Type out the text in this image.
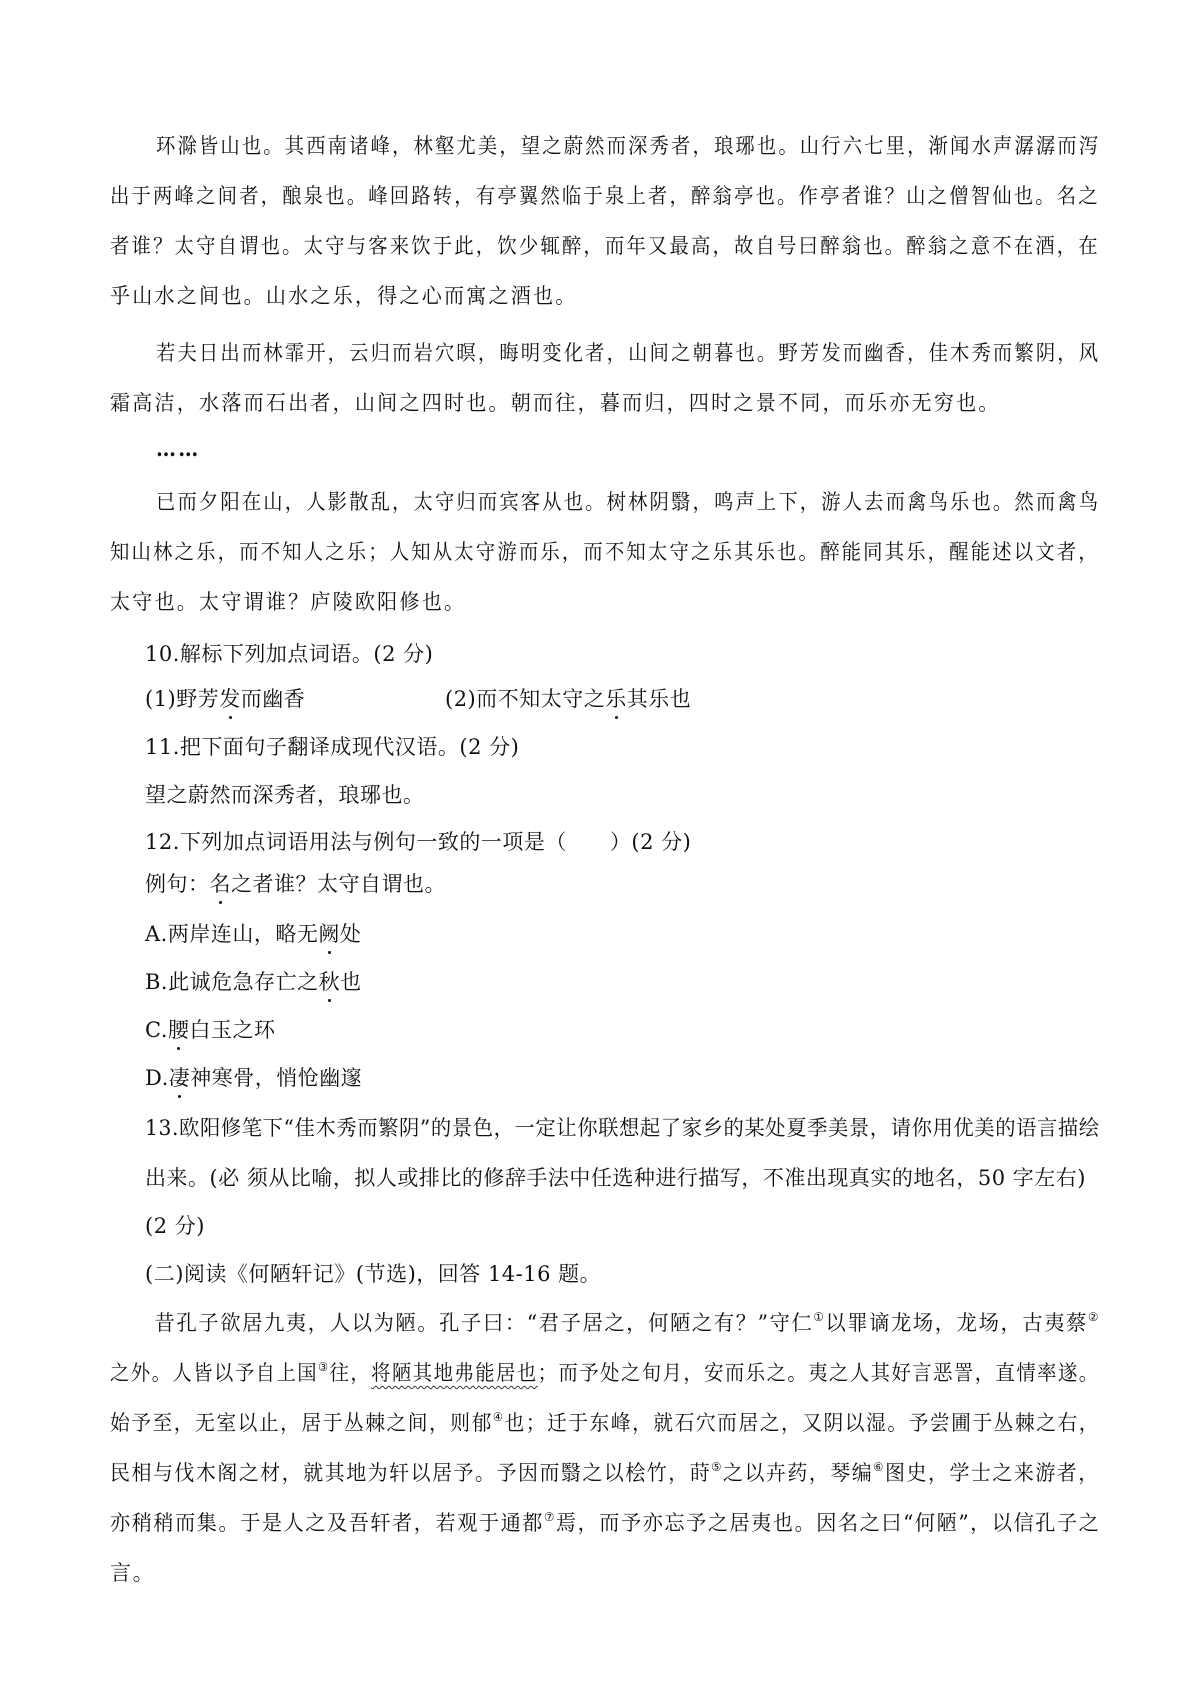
环滁皆山也。其西南诸峰，林壑尤美，望之蔚然而深秀者，琅琊也。山行六七里，渐闻水声潺潺而泻
出于两峰之间者，酿泉也。峰回路转，有亭翼然临于泉上者，醉翁亭也。作亭者谁？山之僧智仙也。名之
者谁？太守自谓也。太守与客来饮于此，饮少辄醉，而年又最高，故自号曰醉翁也。醉翁之意不在酒，在
乎山水之间也。山水之乐，得之心而寓之酒也。
若夫日出而林霏开，云归而岩穴暝，晦明变化者，山间之朝暮也。野芳发而幽香，佳木秀而繁阴，风
霜高洁，水落而石出者，山间之四时也。朝而往，暮而归，四时之景不同，而乐亦无穷也。
……
已而夕阳在山，人影散乱，太守归而宾客从也。树林阴翳，鸣声上下，游人去而禽鸟乐也。然而禽鸟
知山林之乐，而不知人之乐；人知从太守游而乐，而不知太守之乐其乐也。醉能同其乐，醒能述以文者，
太守也。太守谓谁？庐陵欧阳修也。
10.解标下列加点词语。(2 分)
(1)野芳发而幽香	(2)而不知太守之乐其乐也
11.把下面句子翻译成现代汉语。(2 分)
望之蔚然而深秀者，琅琊也。
12.下列加点词语用法与例句一致的一项是（　　）(2 分)
例句：名之者谁？太守自谓也。
A.两岸连山，略无阙处
B.此诚危急存亡之秋也
C.腰白玉之环
D.凄神寒骨，悄怆幽邃
13.欧阳修笔下“佳木秀而繁阴”的景色，一定让你联想起了家乡的某处夏季美景，请你用优美的语言描绘
出来。(必 须从比喻，拟人或排比的修辞手法中任选种进行描写，不准出现真实的地名，50 字左右)
(2 分)
(二)阅读《何陋轩记》(节选)，回答 14-16 题。
昔孔子欲居九夷，人以为陋。孔子曰：“君子居之，何陋之有？”守仁①以罪谪龙场，龙场，古夷蔡②
之外。人皆以予自上国③往，将陋其地弗能居也；而予处之旬月，安而乐之。夷之人其好言恶詈，直情率遂。
始予至，无室以止，居于丛棘之间，则郁④也；迁于东峰，就石穴而居之，又阴以湿。予尝圃于丛棘之右，
民相与伐木阁之材，就其地为轩以居予。予因而翳之以桧竹，莳⑤之以卉药，琴编⑥图史，学士之来游者，
亦稍稍而集。于是人之及吾轩者，若观于通都⑦焉，而予亦忘予之居夷也。因名之曰“何陋”，以信孔子之
言。
